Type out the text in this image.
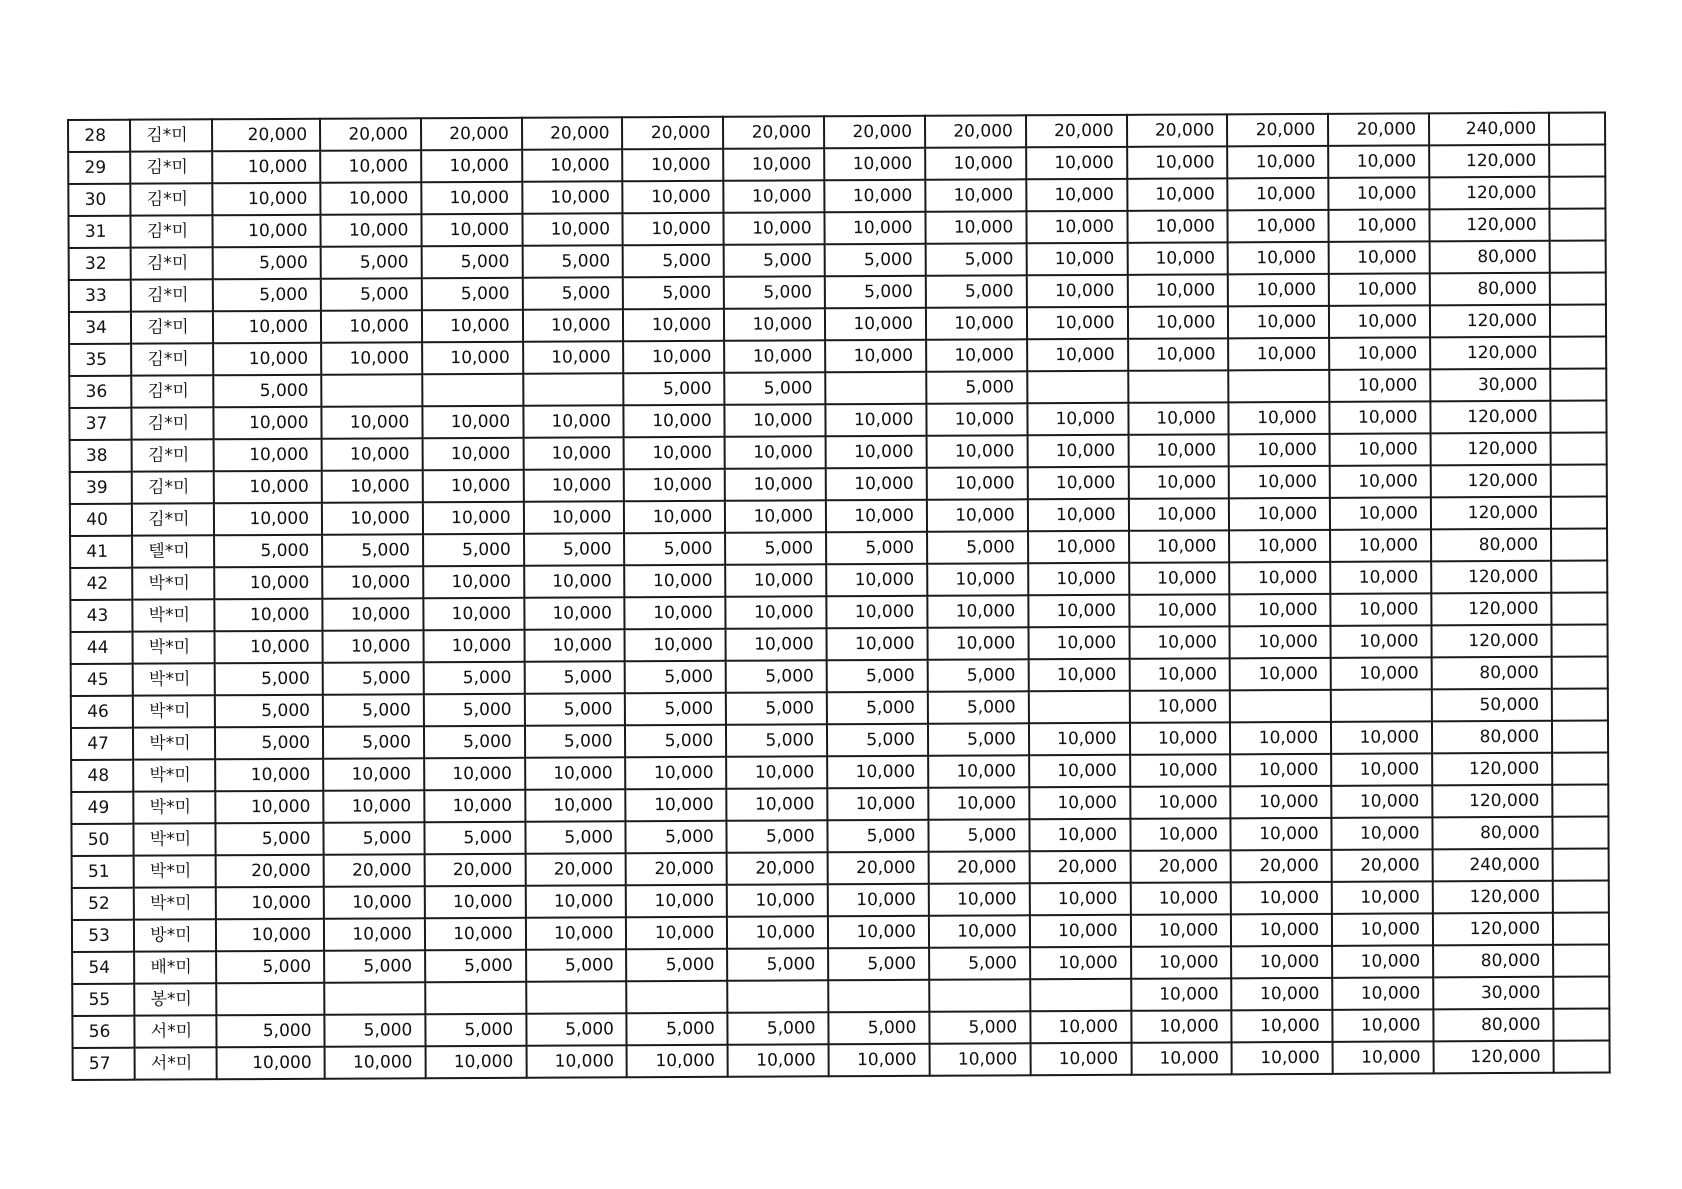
28	김*미	20,000	20,000	20,000	20,000	20,000	20,000	20,000	20,000	20,000	20,000	20,000	20,000	240,000	
29	김*미	10,000	10,000	10,000	10,000	10,000	10,000	10,000	10,000	10,000	10,000	10,000	10,000	120,000	
30	김*미	10,000	10,000	10,000	10,000	10,000	10,000	10,000	10,000	10,000	10,000	10,000	10,000	120,000	
31	김*미	10,000	10,000	10,000	10,000	10,000	10,000	10,000	10,000	10,000	10,000	10,000	10,000	120,000	
32	김*미	5,000	5,000	5,000	5,000	5,000	5,000	5,000	5,000	10,000	10,000	10,000	10,000	80,000	
33	김*미	5,000	5,000	5,000	5,000	5,000	5,000	5,000	5,000	10,000	10,000	10,000	10,000	80,000	
34	김*미	10,000	10,000	10,000	10,000	10,000	10,000	10,000	10,000	10,000	10,000	10,000	10,000	120,000	
35	김*미	10,000	10,000	10,000	10,000	10,000	10,000	10,000	10,000	10,000	10,000	10,000	10,000	120,000	
36	김*미	5,000				5,000	5,000		5,000				10,000	30,000	
37	김*미	10,000	10,000	10,000	10,000	10,000	10,000	10,000	10,000	10,000	10,000	10,000	10,000	120,000	
38	김*미	10,000	10,000	10,000	10,000	10,000	10,000	10,000	10,000	10,000	10,000	10,000	10,000	120,000	
39	김*미	10,000	10,000	10,000	10,000	10,000	10,000	10,000	10,000	10,000	10,000	10,000	10,000	120,000	
40	김*미	10,000	10,000	10,000	10,000	10,000	10,000	10,000	10,000	10,000	10,000	10,000	10,000	120,000	
41	텔*미	5,000	5,000	5,000	5,000	5,000	5,000	5,000	5,000	10,000	10,000	10,000	10,000	80,000	
42	박*미	10,000	10,000	10,000	10,000	10,000	10,000	10,000	10,000	10,000	10,000	10,000	10,000	120,000	
43	박*미	10,000	10,000	10,000	10,000	10,000	10,000	10,000	10,000	10,000	10,000	10,000	10,000	120,000	
44	박*미	10,000	10,000	10,000	10,000	10,000	10,000	10,000	10,000	10,000	10,000	10,000	10,000	120,000	
45	박*미	5,000	5,000	5,000	5,000	5,000	5,000	5,000	5,000	10,000	10,000	10,000	10,000	80,000	
46	박*미	5,000	5,000	5,000	5,000	5,000	5,000	5,000	5,000		10,000			50,000	
47	박*미	5,000	5,000	5,000	5,000	5,000	5,000	5,000	5,000	10,000	10,000	10,000	10,000	80,000	
48	박*미	10,000	10,000	10,000	10,000	10,000	10,000	10,000	10,000	10,000	10,000	10,000	10,000	120,000	
49	박*미	10,000	10,000	10,000	10,000	10,000	10,000	10,000	10,000	10,000	10,000	10,000	10,000	120,000	
50	박*미	5,000	5,000	5,000	5,000	5,000	5,000	5,000	5,000	10,000	10,000	10,000	10,000	80,000	
51	박*미	20,000	20,000	20,000	20,000	20,000	20,000	20,000	20,000	20,000	20,000	20,000	20,000	240,000	
52	박*미	10,000	10,000	10,000	10,000	10,000	10,000	10,000	10,000	10,000	10,000	10,000	10,000	120,000	
53	방*미	10,000	10,000	10,000	10,000	10,000	10,000	10,000	10,000	10,000	10,000	10,000	10,000	120,000	
54	배*미	5,000	5,000	5,000	5,000	5,000	5,000	5,000	5,000	10,000	10,000	10,000	10,000	80,000	
55	봉*미										10,000	10,000	10,000	30,000	
56	서*미	5,000	5,000	5,000	5,000	5,000	5,000	5,000	5,000	10,000	10,000	10,000	10,000	80,000	
57	서*미	10,000	10,000	10,000	10,000	10,000	10,000	10,000	10,000	10,000	10,000	10,000	10,000	120,000	
